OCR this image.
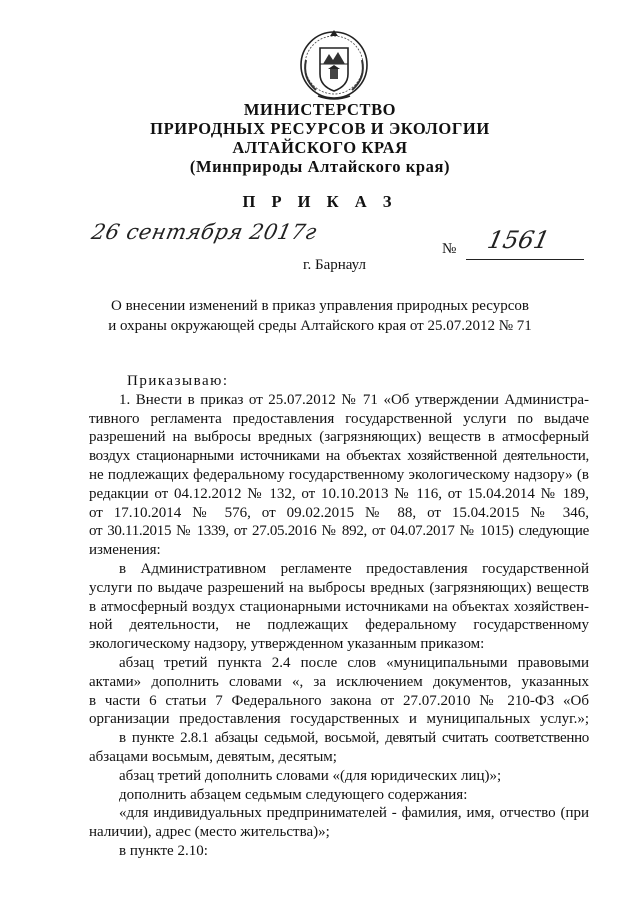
МИНИСТЕРСТВО
ПРИРОДНЫХ РЕСУРСОВ И ЭКОЛОГИИ
АЛТАЙСКОГО КРАЯ
(Минприроды Алтайского края)
П Р И К А З
26 сентября 2017г
№ 1561
г. Барнаул
О внесении изменений в приказ управления природных ресурсов
и охраны окружающей среды Алтайского края от 25.07.2012 № 71
Приказываю:
1. Внести в приказ от 25.07.2012 № 71 «Об утверждении Администра-
тивного регламента предоставления государственной услуги по выдаче
разрешений на выбросы вредных (загрязняющих) веществ в атмосферный
воздух стационарными источниками на объектах хозяйственной деятельности,
не подлежащих федеральному государственному экологическому надзору» (в
редакции от 04.12.2012 № 132, от 10.10.2013 № 116, от 15.04.2014 № 189,
от 17.10.2014 № 576, от 09.02.2015 № 88, от 15.04.2015 № 346,
от 30.11.2015 № 1339, от 27.05.2016 № 892, от 04.07.2017 № 1015) следующие
изменения:
в Административном регламенте предоставления государственной
услуги по выдаче разрешений на выбросы вредных (загрязняющих) веществ
в атмосферный воздух стационарными источниками на объектах хозяйствен-
ной деятельности, не подлежащих федеральному государственному
экологическому надзору, утвержденном указанным приказом:
абзац третий пункта 2.4 после слов «муниципальными правовыми
актами» дополнить словами «, за исключением документов, указанных
в части 6 статьи 7 Федерального закона от 27.07.2010 № 210-ФЗ «Об
организации предоставления государственных и муниципальных услуг.»;
в пункте 2.8.1 абзацы седьмой, восьмой, девятый считать соответственно
абзацами восьмым, девятым, десятым;
абзац третий дополнить словами «(для юридических лиц)»;
дополнить абзацем седьмым следующего содержания:
«для индивидуальных предпринимателей - фамилия, имя, отчество (при
наличии), адрес (место жительства)»;
в пункте 2.10:
